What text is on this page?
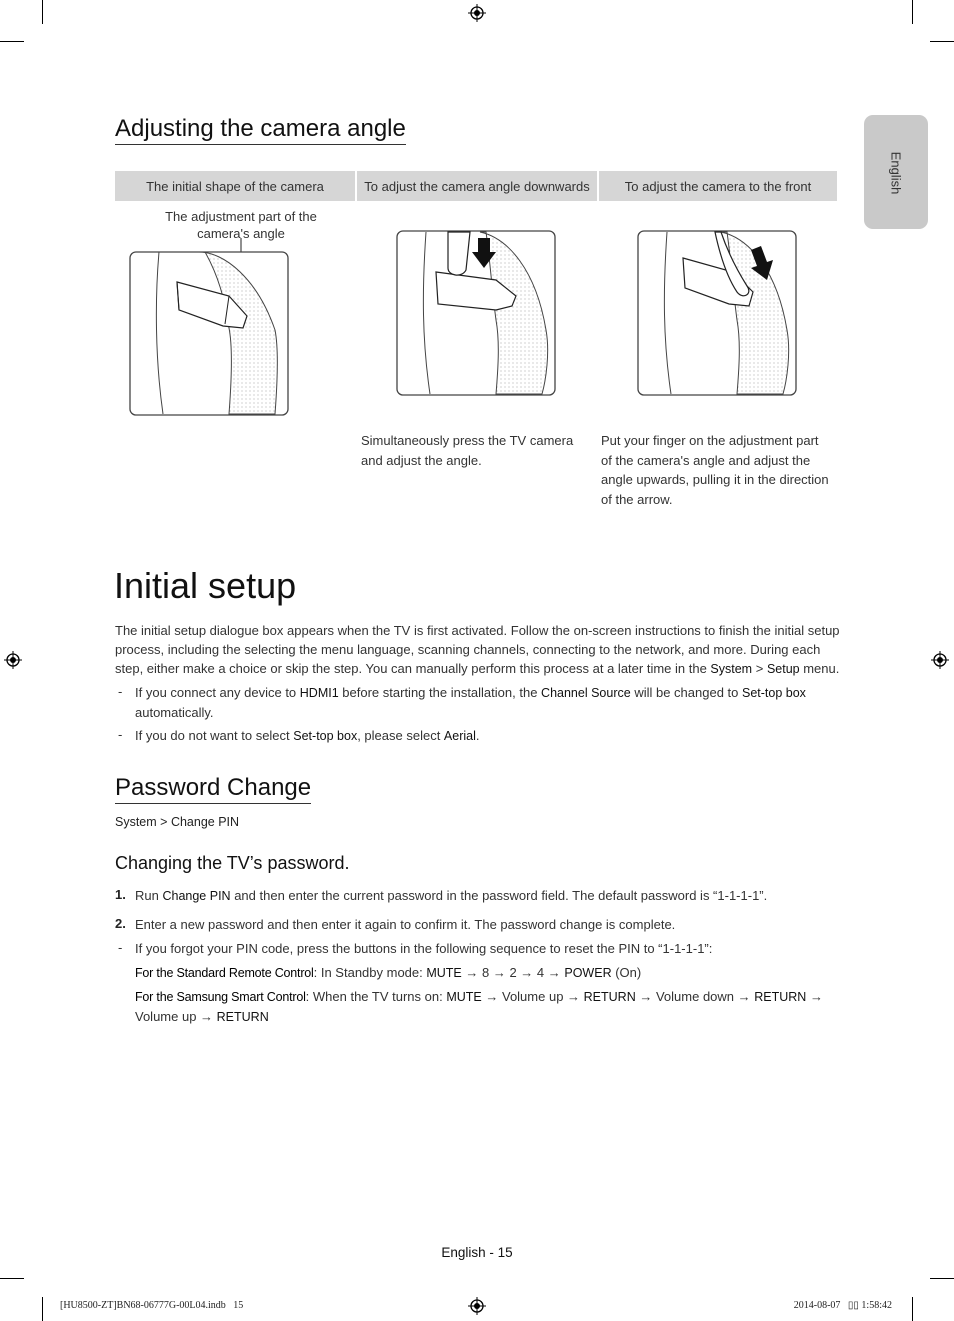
English
Adjusting the camera angle
The initial shape of the camera	To adjust the camera angle downwards	To adjust the camera to the front
The adjustment part of the
camera's angle
Simultaneously press the TV camera
and adjust the angle.
Put your finger on the adjustment part
of the camera's angle and adjust the
angle upwards, pulling it in the direction
of the arrow.
Initial setup
The initial setup dialogue box appears when the TV is first activated. Follow the on-screen instructions to finish the initial setup
process, including the selecting the menu language, scanning channels, connecting to the network, and more. During each
step, either make a choice or skip the step. You can manually perform this process at a later time in the System > Setup menu.
- If you connect any device to HDMI1 before starting the installation, the Channel Source will be changed to Set-top box
automatically.
- If you do not want to select Set-top box, please select Aerial.
Password Change
System > Change PIN
Changing the TV’s password.
1. Run Change PIN and then enter the current password in the password field. The default password is “1-1-1-1”.
2. Enter a new password and then enter it again to confirm it. The password change is complete.
- If you forgot your PIN code, press the buttons in the following sequence to reset the PIN to “1-1-1-1”:
For the Standard Remote Control: In Standby mode: MUTE → 8 → 2 → 4 → POWER (On)
For the Samsung Smart Control: When the TV turns on: MUTE → Volume up → RETURN → Volume down → RETURN →
Volume up → RETURN
English - 15
[HU8500-ZT]BN68-06777G-00L04.indb   15	2014-08-07   ▯▯ 1:58:42
